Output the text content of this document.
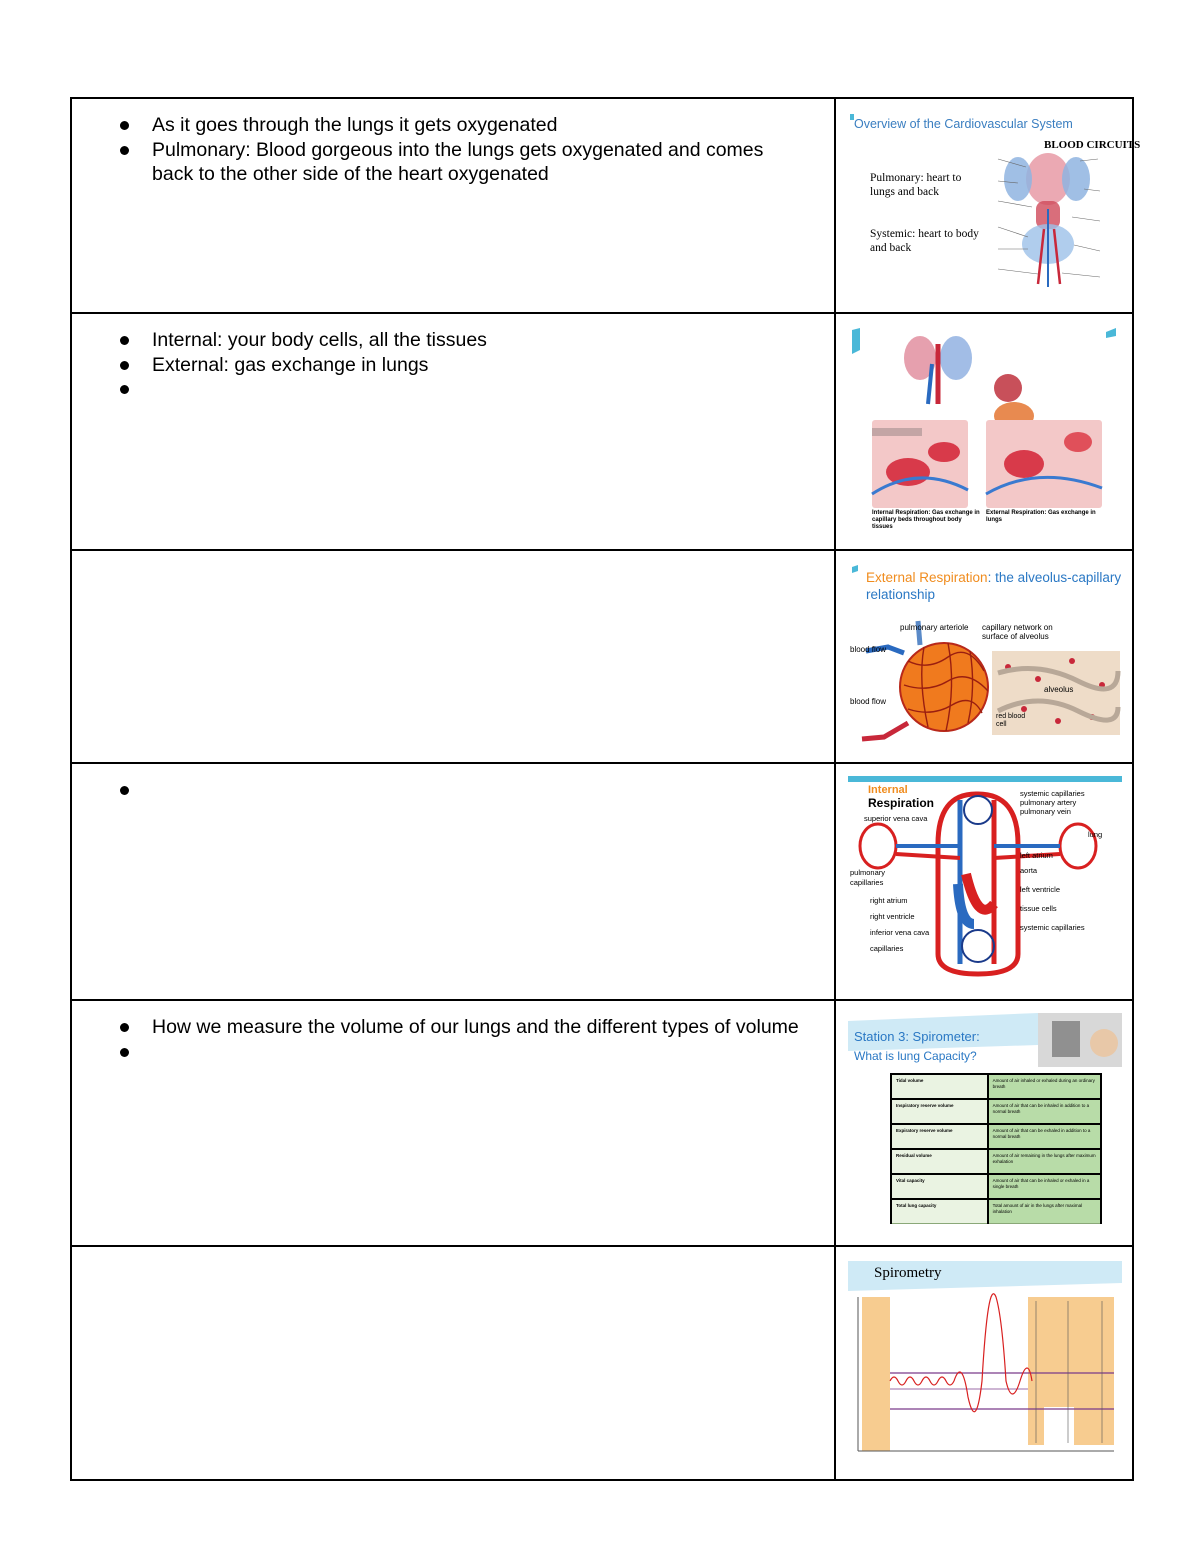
As it goes through the lungs it gets oxygenated
Pulmonary: Blood gorgeous into the lungs gets oxygenated and comes back to the other side of the heart oxygenated

Overview of the Cardiovascular System
BLOOD CIRCUITS
Pulmonary: heart to lungs and back
Systemic: heart to body and back

Internal: your body cells, all the tissues
External: gas exchange in lungs

Internal Respiration: Gas exchange in capillary beds throughout body tissues
External Respiration: Gas exchange in lungs

External Respiration: the alveolus-capillary relationship
pulmonary arteriole capillary network on surface of alveolus
blood flow
blood flow
alveolus
red blood cell

Internal
Respiration
systemic capillaries
pulmonary artery
pulmonary vein
lung
left atrium
aorta
left ventricle
tissue cells
systemic capillaries
superior vena cava
pulmonary capillaries
right atrium
right ventricle
inferior vena cava
capillaries

How we measure the volume of our lungs and the different types of volume	Station 3: Spirometer:
What is lung Capacity?
Tidal volume	Amount of air inhaled or exhaled during an ordinary breath
Inspiratory reserve volume	Amount of air that can be inhaled in addition to a normal breath
Expiratory reserve volume	Amount of air that can be exhaled in addition to a normal breath
Residual volume	Amount of air remaining in the lungs after maximum exhalation
Vital capacity	Amount of air that can be inhaled or exhaled in a single breath
Total lung capacity	Total amount of air in the lungs after maximal inhalation

Spirometry
